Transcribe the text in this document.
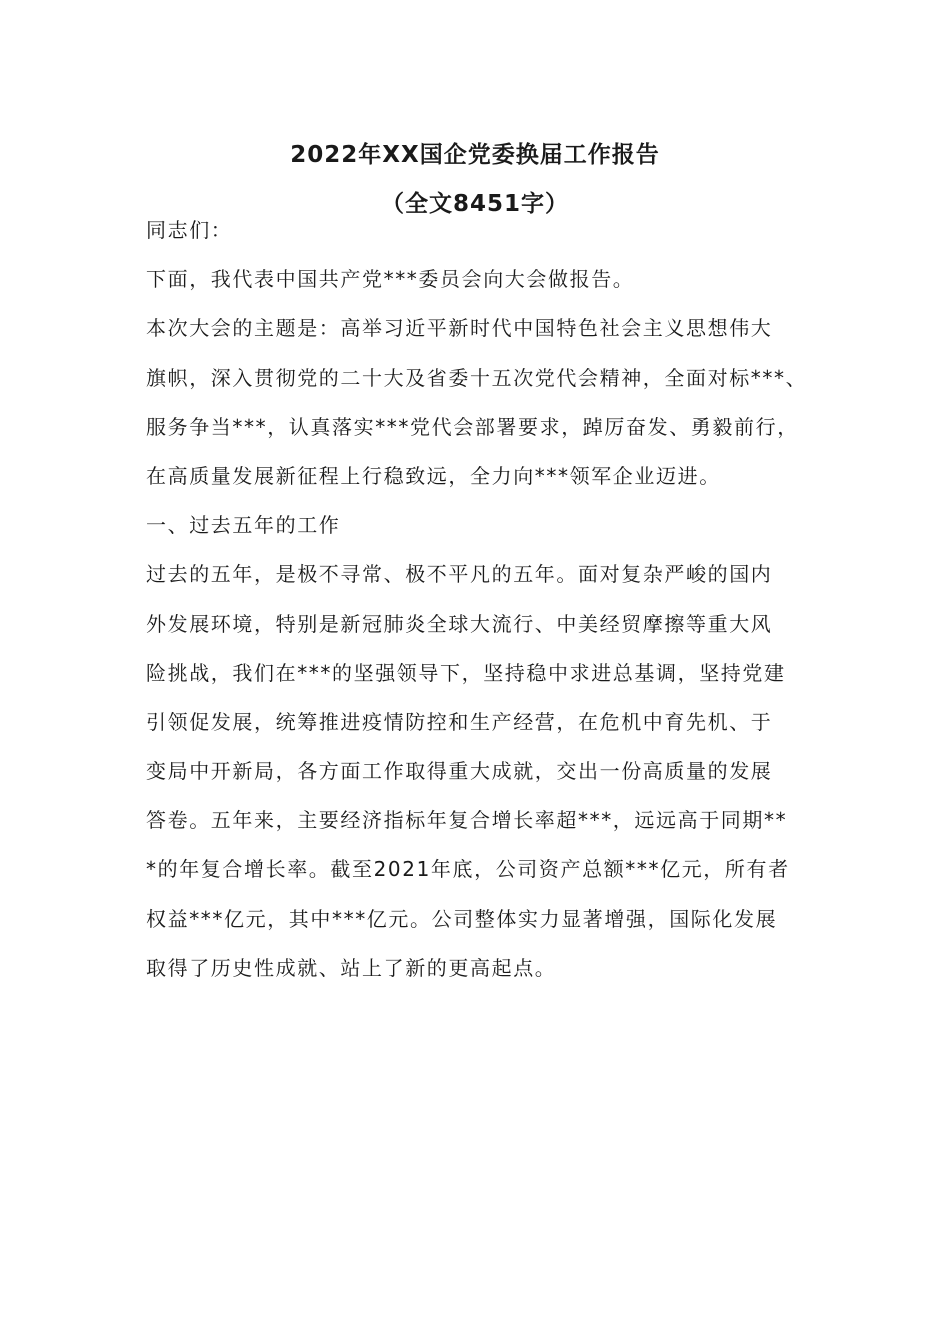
2022年XX国企党委换届工作报告
（全文8451字）
同志们：
下面，我代表中国共产党***委员会向大会做报告。
本次大会的主题是：高举习近平新时代中国特色社会主义思想伟大
旗帜，深入贯彻党的二十大及省委十五次党代会精神，全面对标***、
服务争当***，认真落实***党代会部署要求，踔厉奋发、勇毅前行，
在高质量发展新征程上行稳致远，全力向***领军企业迈进。
一、过去五年的工作
过去的五年，是极不寻常、极不平凡的五年。面对复杂严峻的国内
外发展环境，特别是新冠肺炎全球大流行、中美经贸摩擦等重大风
险挑战，我们在***的坚强领导下，坚持稳中求进总基调，坚持党建
引领促发展，统筹推进疫情防控和生产经营，在危机中育先机、于
变局中开新局，各方面工作取得重大成就，交出一份高质量的发展
答卷。五年来，主要经济指标年复合增长率超***，远远高于同期**
*的年复合增长率。截至2021年底，公司资产总额***亿元，所有者
权益***亿元，其中***亿元。公司整体实力显著增强，国际化发展
取得了历史性成就、站上了新的更高起点。
